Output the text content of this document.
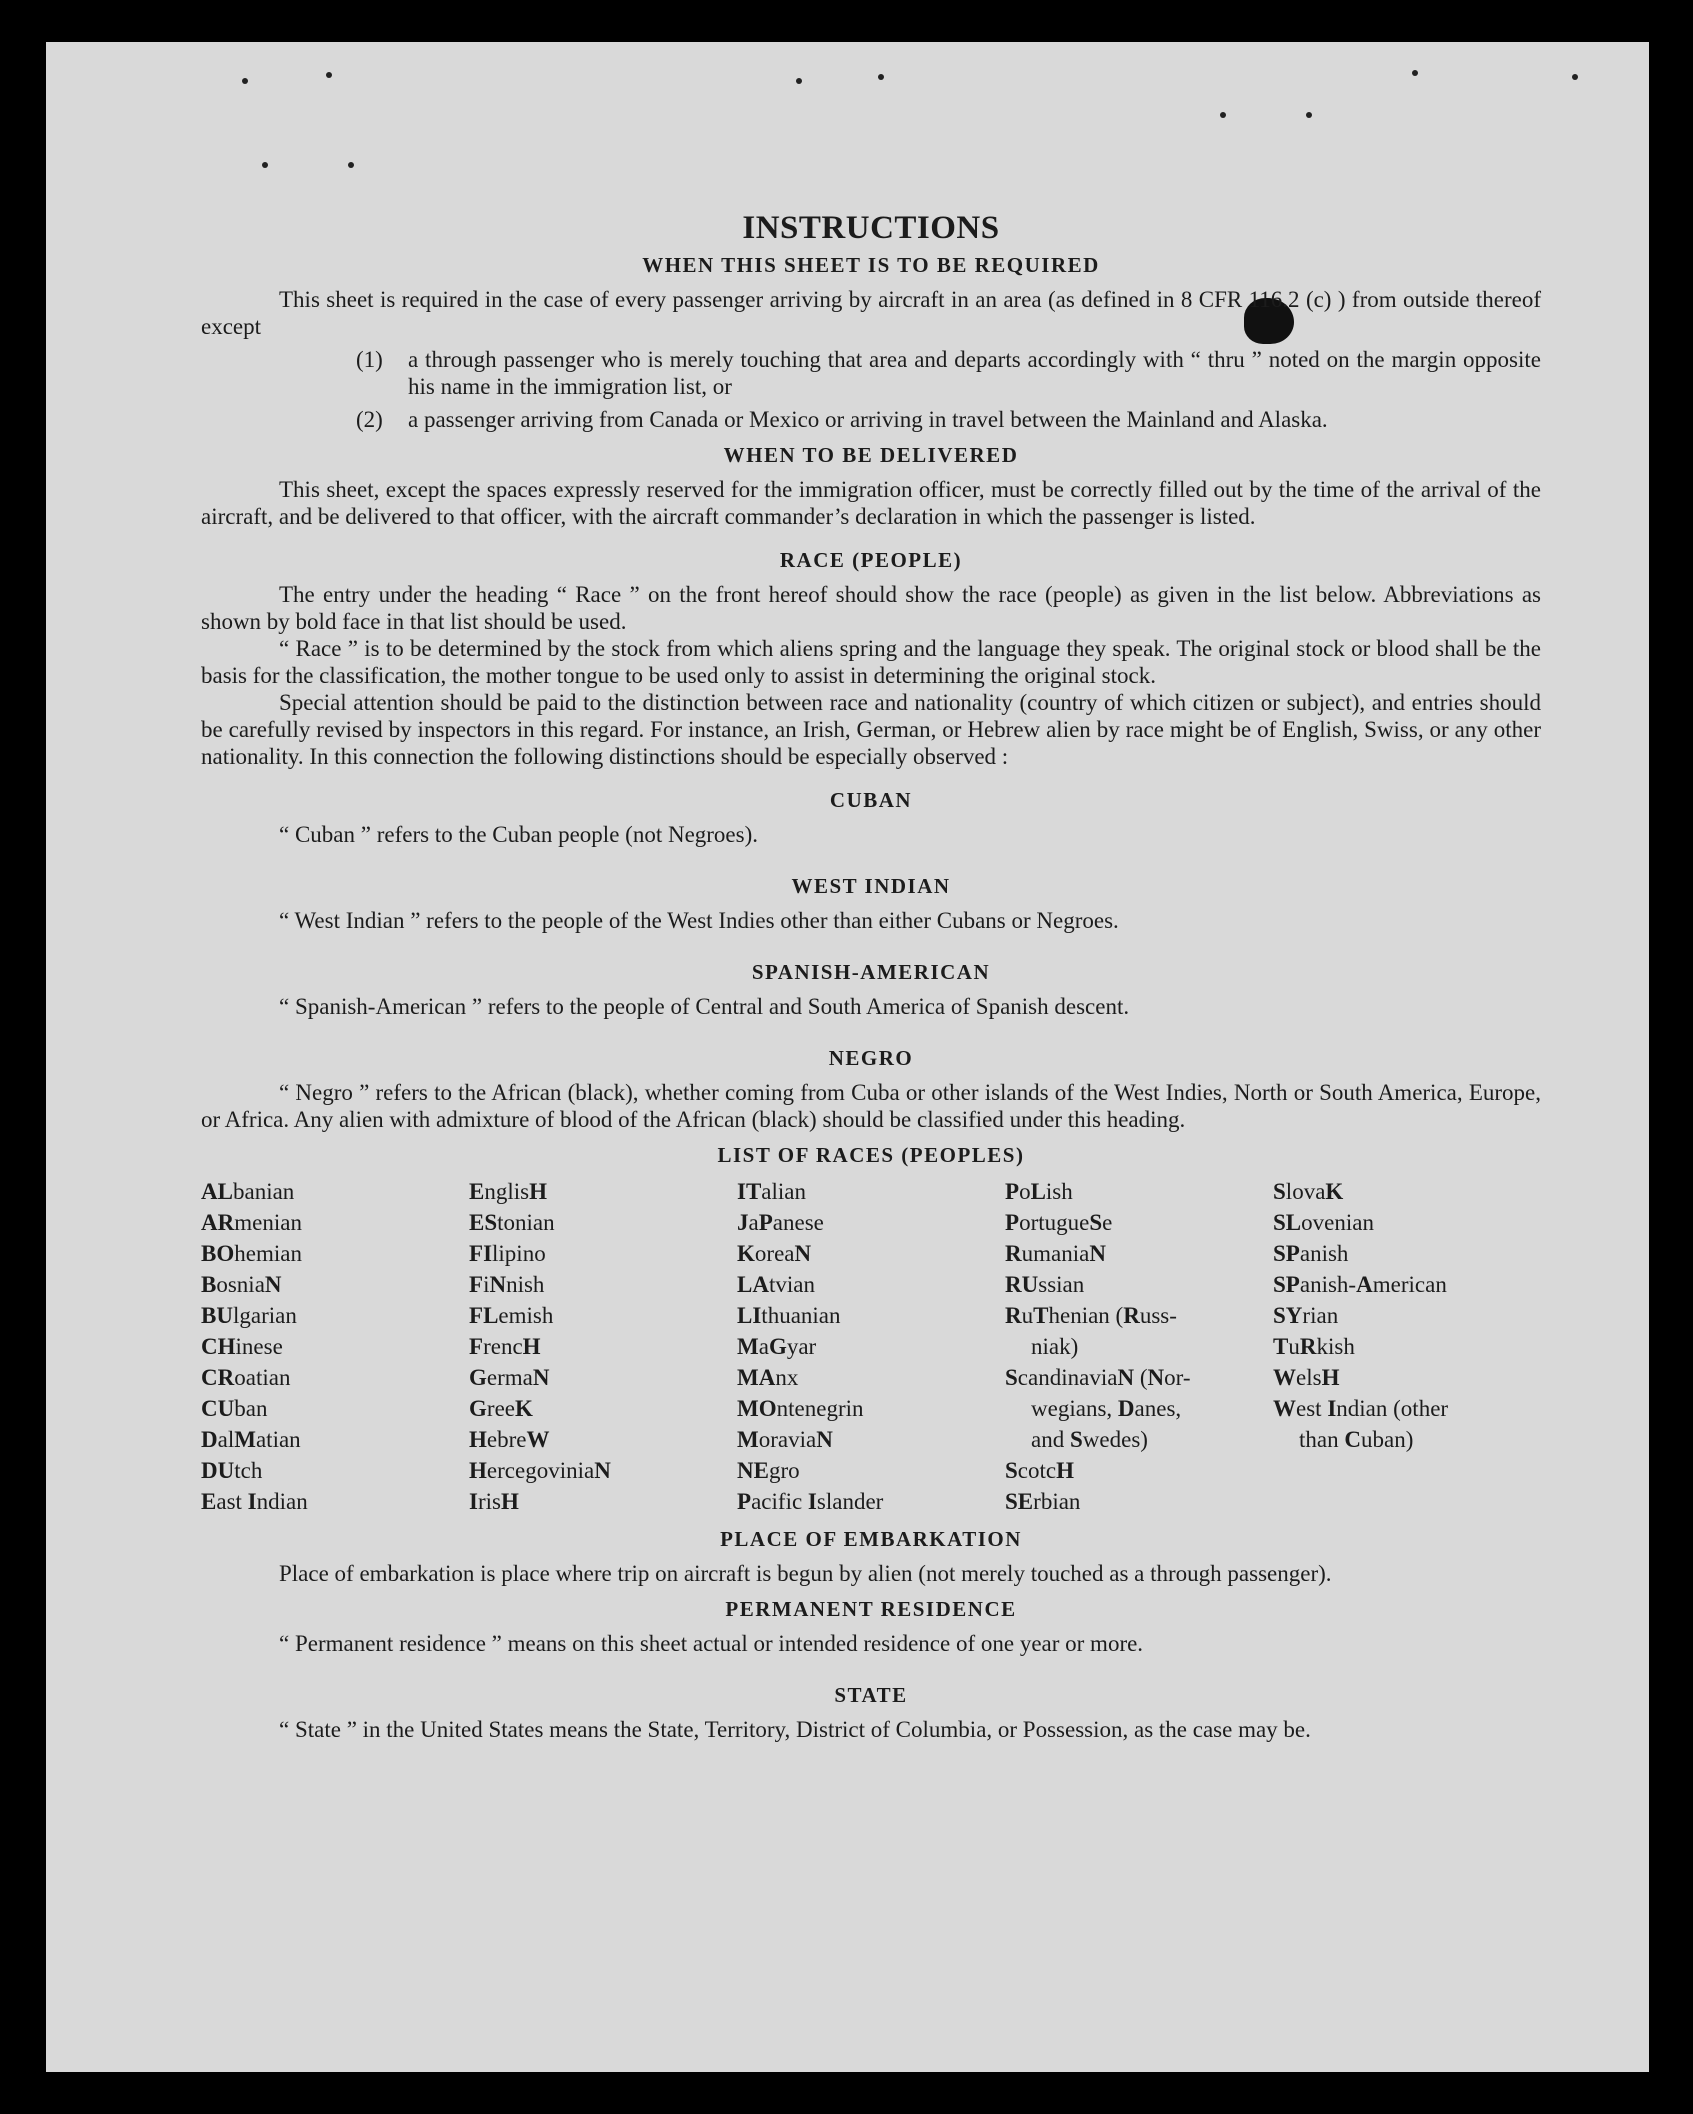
INSTRUCTIONS
WHEN THIS SHEET IS TO BE REQUIRED

This sheet is required in the case of every passenger arriving by aircraft in an area (as defined in 8 CFR 116.2 (c) ) from outside thereof except

(1)	a through passenger who is merely touching that area and departs accordingly with “ thru ” noted on the margin opposite his name in the immigration list, or
(2)	a passenger arriving from Canada or Mexico or arriving in travel between the Mainland and Alaska.
WHEN TO BE DELIVERED

This sheet, except the spaces expressly reserved for the immigration officer, must be correctly filled out by the time of the arrival of the aircraft, and be delivered to that officer, with the aircraft commander’s declaration in which the passenger is listed.

RACE (PEOPLE)

The entry under the heading “ Race ” on the front hereof should show the race (people) as given in the list below. Abbreviations as shown by bold face in that list should be used.

“ Race ” is to be determined by the stock from which aliens spring and the language they speak. The original stock or blood shall be the basis for the classification, the mother tongue to be used only to assist in determining the original stock.

Special attention should be paid to the distinction between race and nationality (country of which citizen or subject), and entries should be carefully revised by inspectors in this regard. For instance, an Irish, German, or Hebrew alien by race might be of English, Swiss, or any other nationality. In this connection the following distinctions should be especially observed :

CUBAN

“ Cuban ” refers to the Cuban people (not Negroes).

WEST INDIAN

“ West Indian ” refers to the people of the West Indies other than either Cubans or Negroes.

SPANISH-AMERICAN

“ Spanish-American ” refers to the people of Central and South America of Spanish descent.

NEGRO

“ Negro ” refers to the African (black), whether coming from Cuba or other islands of the West Indies, North or South America, Europe, or Africa. Any alien with admixture of blood of the African (black) should be classified under this heading.

LIST OF RACES (PEOPLES)
ALbanian
ARmenian
BOhemian
BosniaN
BUlgarian
CHinese
CRoatian
CUban
DalMatian
DUtch
East Indian
EnglisH
EStonian
FIlipino
FiNnish
FLemish
FrencH
GermaN
GreeK
HebreW
HercegoviniaN
IrisH
ITalian
JaPanese
KoreaN
LAtvian
LIthuanian
MaGyar
MAnx
MOntenegrin
MoraviaN
NEgro
Pacific Islander
PoLish
PortugueSe
RumaniaN
RUssian
RuThenian (Russ-
niak)
ScandinaviaN (Nor-
wegians, Danes,
and Swedes)
ScotcH
SErbian
SlovaK
SLovenian
SPanish
SPanish-American
SYrian
TuRkish
WelsH
West Indian (other
than Cuban)
PLACE OF EMBARKATION

Place of embarkation is place where trip on aircraft is begun by alien (not merely touched as a through passenger).

PERMANENT RESIDENCE

“ Permanent residence ” means on this sheet actual or intended residence of one year or more.

STATE

“ State ” in the United States means the State, Territory, District of Columbia, or Possession, as the case may be.
